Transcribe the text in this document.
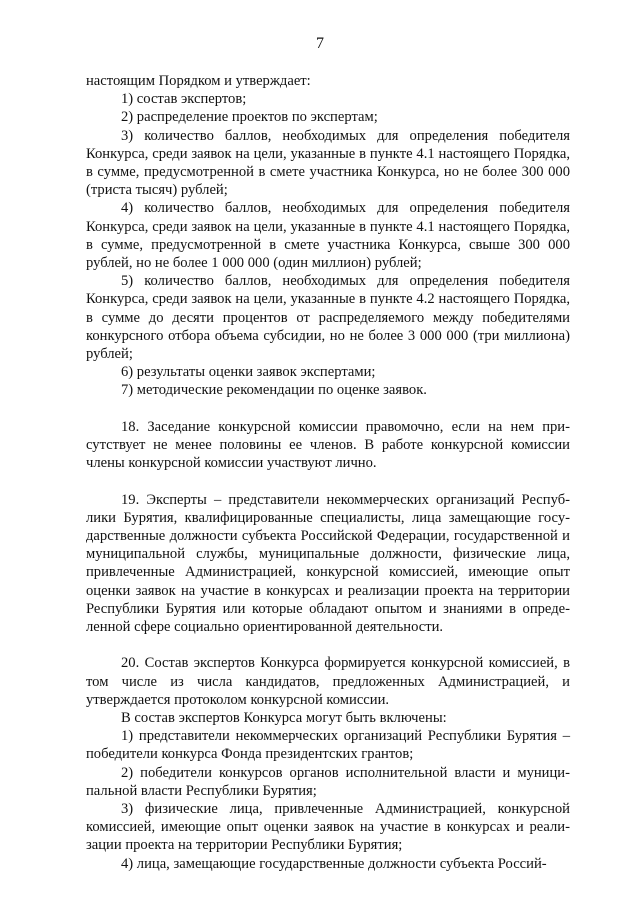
7

настоящим Порядком и утверждает:

1) состав экспертов;

2) распределение проектов по экспертам;

3) количество баллов, необходимых для определения победителя Конкурса, среди заявок на цели, указанные в пункте 4.1 настоящего Порядка, в сумме, предусмотренной в смете участника Конкурса, но не более 300 000 (триста тысяч) рублей;

4) количество баллов, необходимых для определения победителя Конкурса, среди заявок на цели, указанные в пункте 4.1 настоящего Порядка, в сумме, предусмотренной в смете участника Конкурса, свыше 300 000 рублей, но не более 1 000 000 (один миллион) рублей;

5) количество баллов, необходимых для определения победителя Конкурса, среди заявок на цели, указанные в пункте 4.2 настоящего Порядка, в сумме до десяти процентов от распределяемого между победителями конкурсного отбора объема субсидии, но не более 3 000 000 (три миллиона) рублей;

6) результаты оценки заявок экспертами;

7) методические рекомендации по оценке заявок.

18. Заседание конкурсной комиссии правомочно, если на нем присутствует не менее половины ее членов. В работе конкурсной комиссии члены конкурсной комиссии участвуют лично.

19. Эксперты – представители некоммерческих организаций Республики Бурятия, квалифицированные специалисты, лица замещающие государственные должности субъекта Российской Федерации, государственной и муниципальной службы, муниципальные должности, физические лица, привлеченные Администрацией, конкурсной комиссией, имеющие опыт оценки заявок на участие в конкурсах и реализации проекта на территории Республики Бурятия или которые обладают опытом и знаниями в определенной сфере социально ориентированной деятельности.

20. Состав экспертов Конкурса формируется конкурсной комиссией, в том числе из числа кандидатов, предложенных Администрацией, и утверждается протоколом конкурсной комиссии.

В состав экспертов Конкурса могут быть включены:

1) представители некоммерческих организаций Республики Бурятия – победители конкурса Фонда президентских грантов;

2) победители конкурсов органов исполнительной власти и муниципальной власти Республики Бурятия;

3) физические лица, привлеченные Администрацией, конкурсной комиссией, имеющие опыт оценки заявок на участие в конкурсах и реализации проекта на территории Республики Бурятия;

4) лица, замещающие государственные должности субъекта Россий-
